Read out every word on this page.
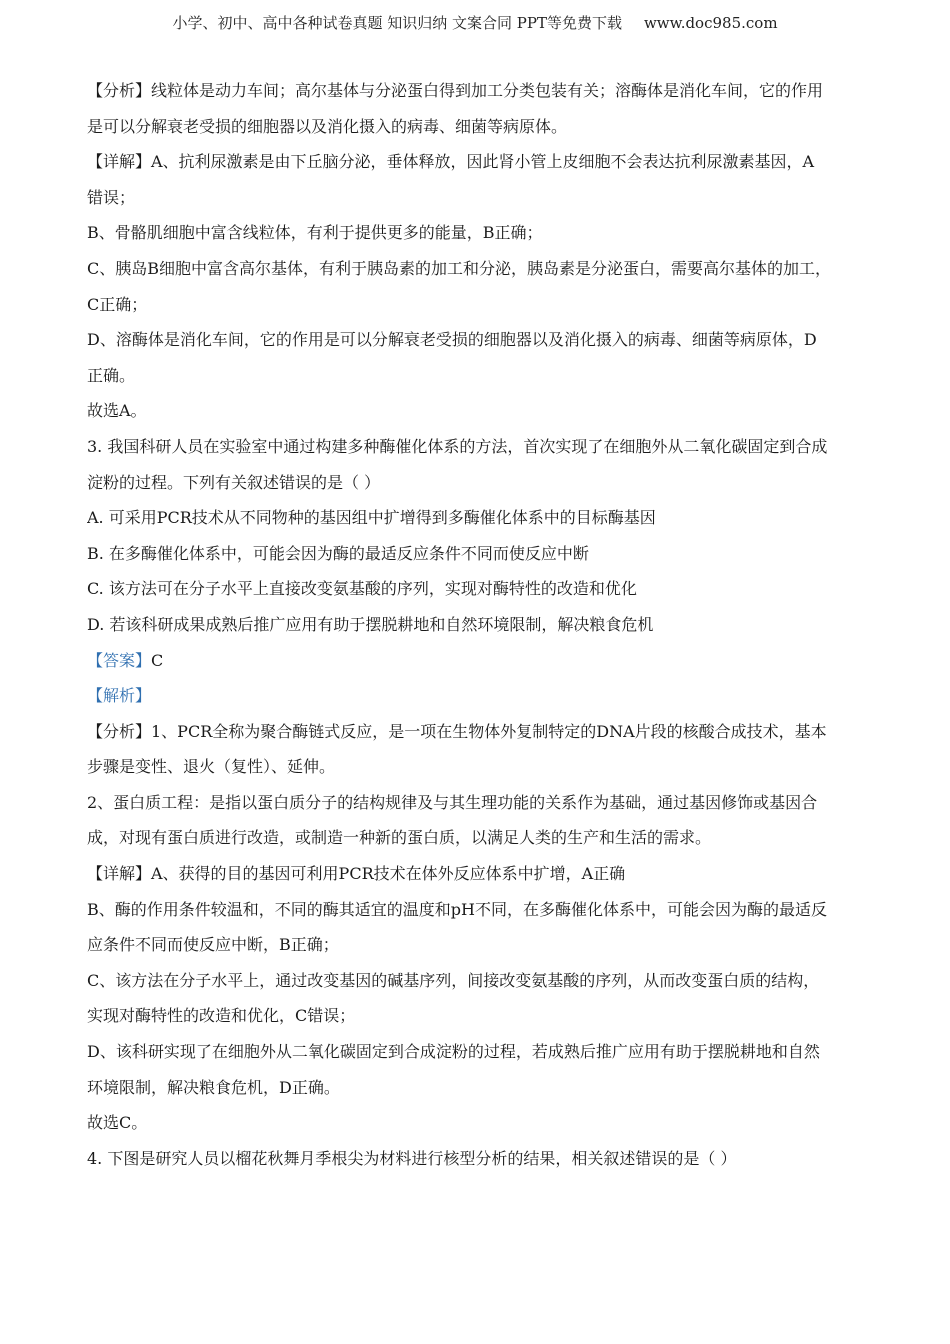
小学、初中、高中各种试卷真题 知识归纳 文案合同 PPT等免费下载 www.doc985.com
【分析】线粒体是动力车间；高尔基体与分泌蛋白得到加工分类包装有关；溶酶体是消化车间，它的作用
是可以分解衰老受损的细胞器以及消化摄入的病毒、细菌等病原体。
【详解】A、抗利尿激素是由下丘脑分泌，垂体释放，因此肾小管上皮细胞不会表达抗利尿激素基因，A
错误；
B、骨骼肌细胞中富含线粒体，有利于提供更多的能量，B正确；
C、胰岛B细胞中富含高尔基体，有利于胰岛素的加工和分泌，胰岛素是分泌蛋白，需要高尔基体的加工，
C正确；
D、溶酶体是消化车间，它的作用是可以分解衰老受损的细胞器以及消化摄入的病毒、细菌等病原体，D
正确。
故选A。
3. 我国科研人员在实验室中通过构建多种酶催化体系的方法，首次实现了在细胞外从二氧化碳固定到合成
淀粉的过程。下列有关叙述错误的是（ ）
A. 可采用PCR技术从不同物种的基因组中扩增得到多酶催化体系中的目标酶基因
B. 在多酶催化体系中，可能会因为酶的最适反应条件不同而使反应中断
C. 该方法可在分子水平上直接改变氨基酸的序列，实现对酶特性的改造和优化
D. 若该科研成果成熟后推广应用有助于摆脱耕地和自然环境限制，解决粮食危机
【答案】C
【解析】
【分析】1、PCR全称为聚合酶链式反应，是一项在生物体外复制特定的DNA片段的核酸合成技术，基本
步骤是变性、退火（复性）、延伸。
2、蛋白质工程：是指以蛋白质分子的结构规律及与其生理功能的关系作为基础，通过基因修饰或基因合
成，对现有蛋白质进行改造，或制造一种新的蛋白质，以满足人类的生产和生活的需求。
【详解】A、获得的目的基因可利用PCR技术在体外反应体系中扩增，A正确
B、酶的作用条件较温和，不同的酶其适宜的温度和pH不同，在多酶催化体系中，可能会因为酶的最适反
应条件不同而使反应中断，B正确；
C、该方法在分子水平上，通过改变基因的碱基序列，间接改变氨基酸的序列，从而改变蛋白质的结构，
实现对酶特性的改造和优化，C错误；
D、该科研实现了在细胞外从二氧化碳固定到合成淀粉的过程，若成熟后推广应用有助于摆脱耕地和自然
环境限制，解决粮食危机，D正确。
故选C。
4. 下图是研究人员以榴花秋舞月季根尖为材料进行核型分析的结果，相关叙述错误的是（ ）
